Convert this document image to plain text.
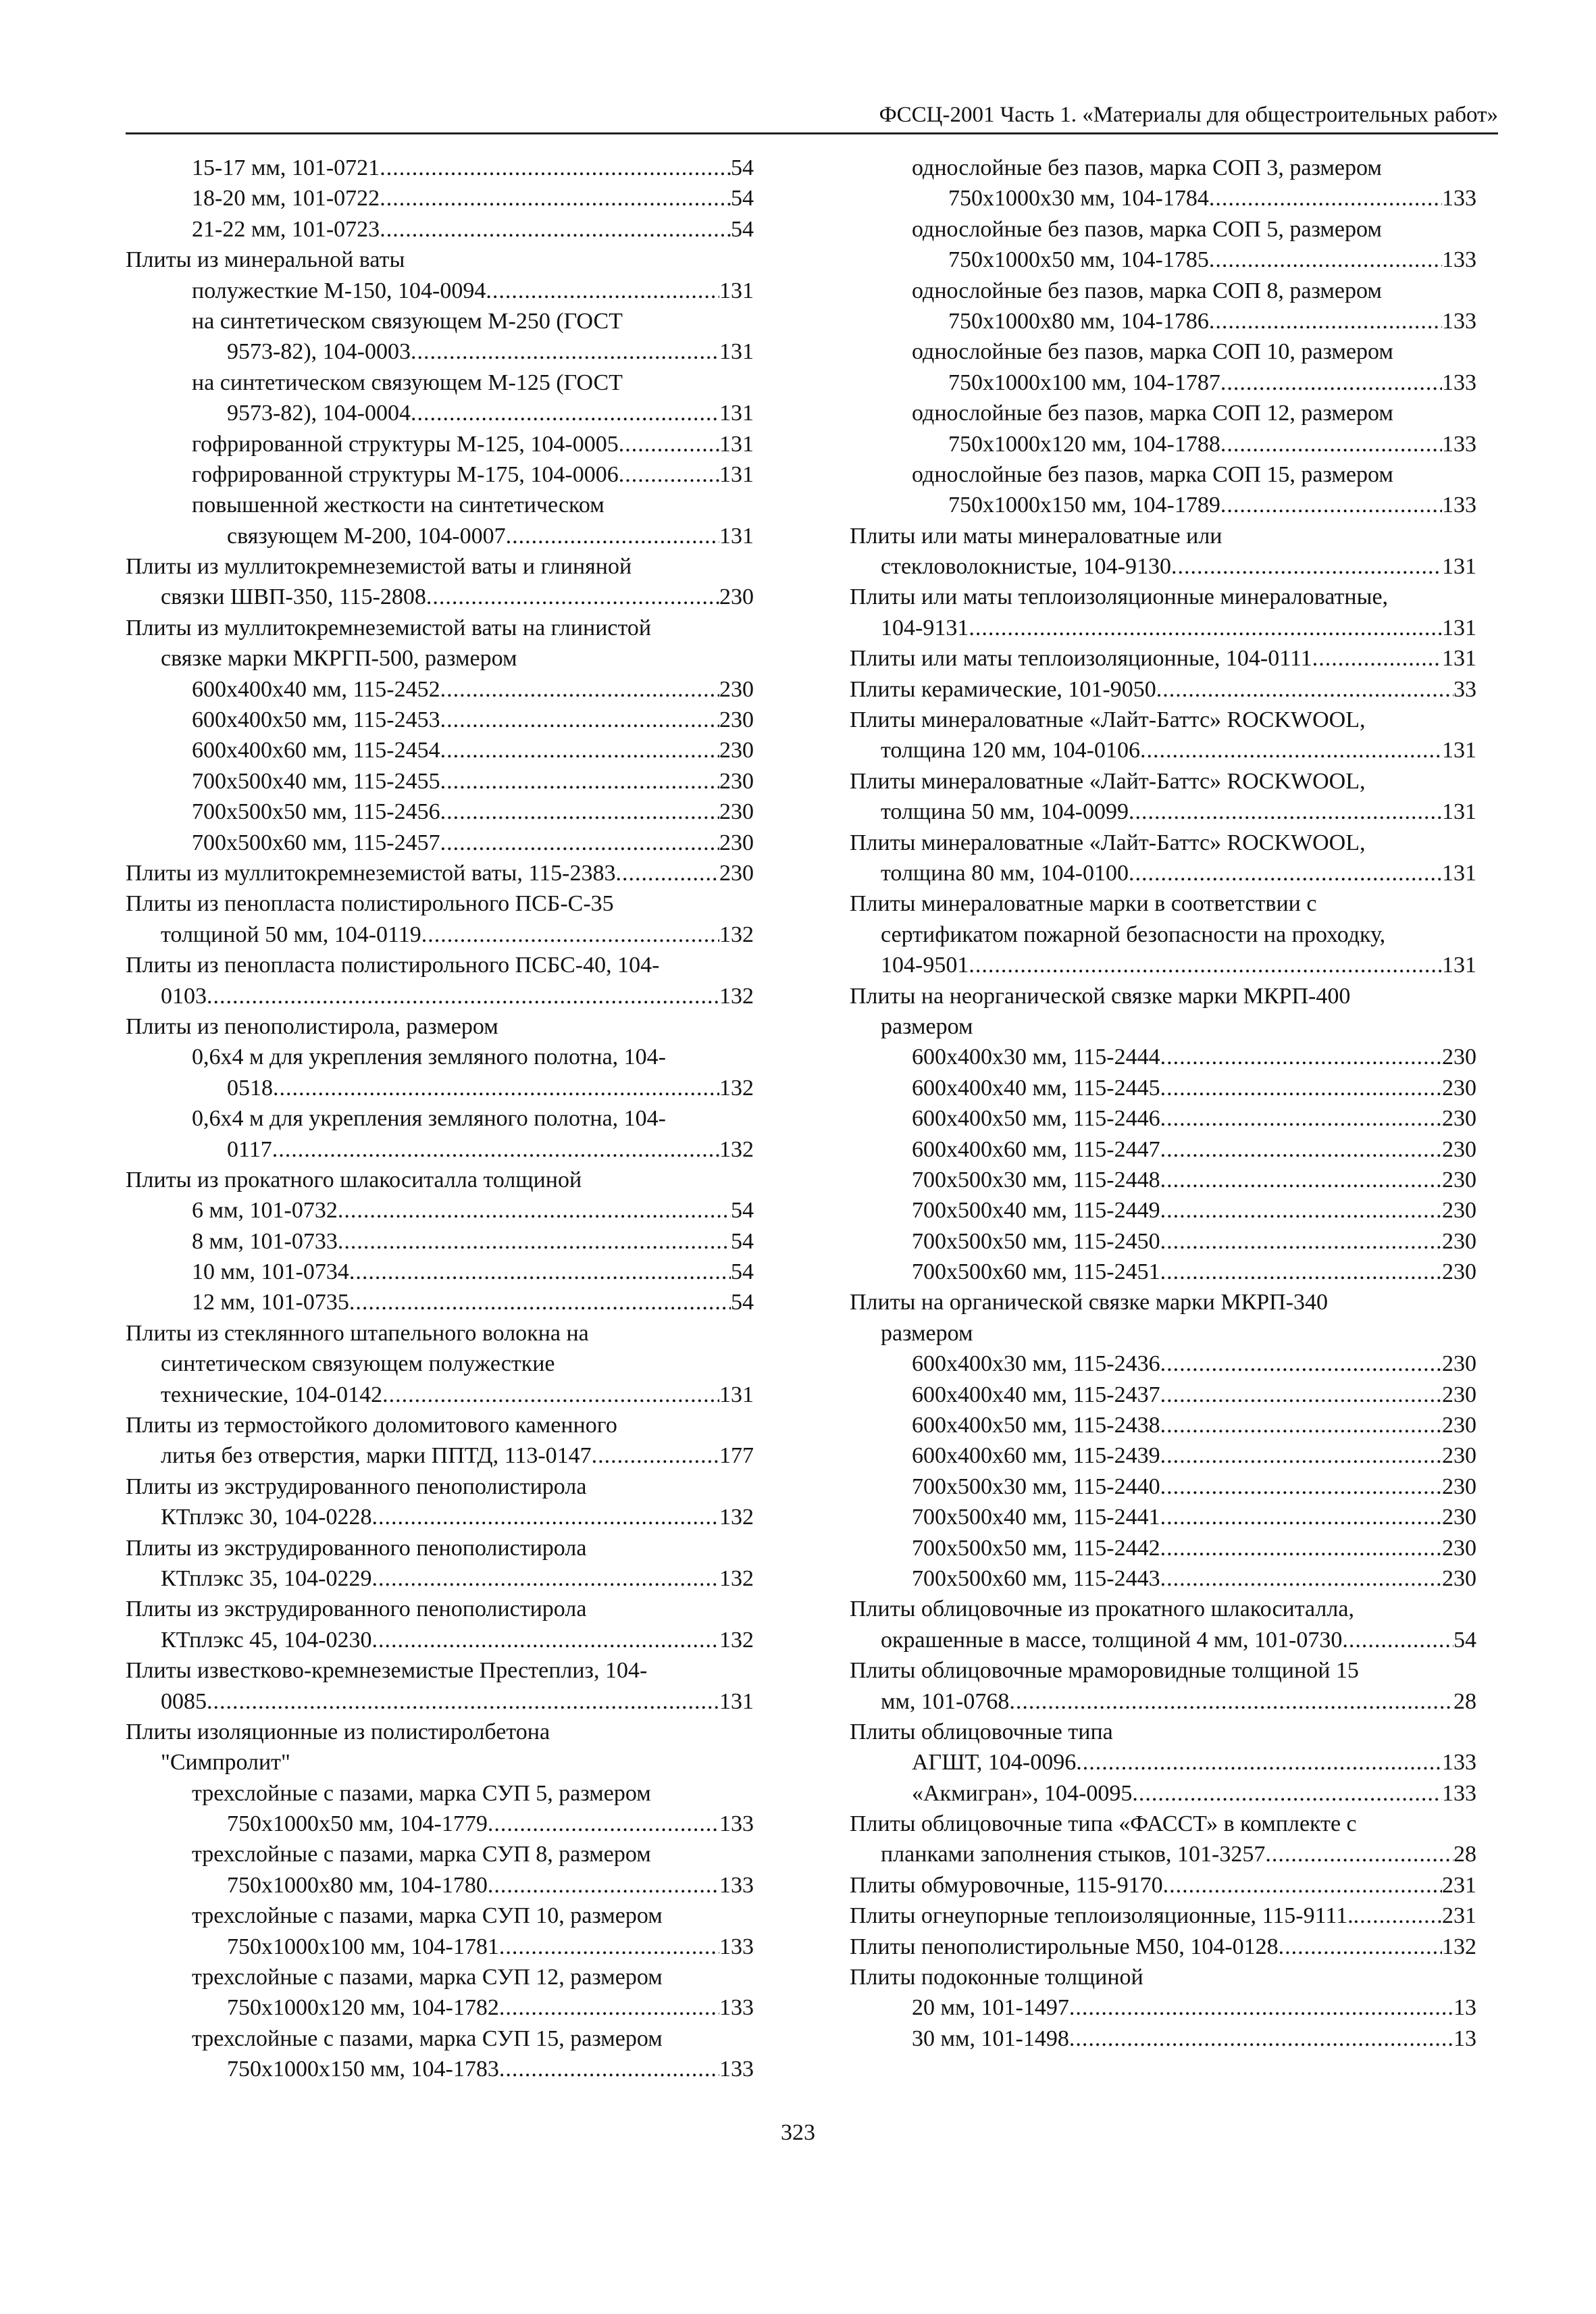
ФССЦ-2001 Часть 1. «Материалы для общестроительных работ»
15-17 мм, 101-0721 .....	54
18-20 мм, 101-0722 .....	54
21-22 мм, 101-0723 .....	54
Плиты из минеральной ваты
полужесткие М-150, 104-0094 .....	131
на синтетическом связующем М-250 (ГОСТ
9573-82), 104-0003 .....	131
на синтетическом связующем М-125 (ГОСТ
9573-82), 104-0004 .....	131
гофрированной структуры М-125, 104-0005 .....	131
гофрированной структуры М-175, 104-0006 .....	131
повышенной жесткости на синтетическом
связующем М-200, 104-0007 .....	131
Плиты из муллитокремнеземистой ваты и глиняной
связки ШВП-350, 115-2808 .....	230
Плиты из муллитокремнеземистой ваты на глинистой
связке марки МКРГП-500, размером
600x400x40 мм, 115-2452 .....	230
600x400x50 мм, 115-2453 .....	230
600x400x60 мм, 115-2454 .....	230
700x500x40 мм, 115-2455 .....	230
700x500x50 мм, 115-2456 .....	230
700x500x60 мм, 115-2457 .....	230
Плиты из муллитокремнеземистой ваты, 115-2383 .....	230
Плиты из пенопласта полистирольного ПСБ-С-35
толщиной 50 мм, 104-0119 .....	132
Плиты из пенопласта полистирольного ПСБС-40, 104-
0103 .....	132
Плиты из пенополистирола, размером
0,6x4 м для укрепления земляного полотна, 104-
0518 .....	132
0,6x4 м для укрепления земляного полотна, 104-
0117 .....	132
Плиты из прокатного шлакоситалла толщиной
6 мм, 101-0732 .....	54
8 мм, 101-0733 .....	54
10 мм, 101-0734 .....	54
12 мм, 101-0735 .....	54
Плиты из стеклянного штапельного волокна на
синтетическом связующем полужесткие
технические, 104-0142 .....	131
Плиты из термостойкого доломитового каменного
литья без отверстия, марки ППТД, 113-0147 .....	177
Плиты из экструдированного пенополистирола
КТплэкс 30, 104-0228 .....	132
Плиты из экструдированного пенополистирола
КТплэкс 35, 104-0229 .....	132
Плиты из экструдированного пенополистирола
КТплэкс 45, 104-0230 .....	132
Плиты известково-кремнеземистые Престеплиз, 104-
0085 .....	131
Плиты изоляционные из полистиролбетона
"Симпролит"
трехслойные с пазами, марка СУП 5, размером
750x1000x50 мм, 104-1779 .....	133
трехслойные с пазами, марка СУП 8, размером
750x1000x80 мм, 104-1780 .....	133
трехслойные с пазами, марка СУП 10, размером
750x1000x100 мм, 104-1781 .....	133
трехслойные с пазами, марка СУП 12, размером
750x1000x120 мм, 104-1782 .....	133
трехслойные с пазами, марка СУП 15, размером
750x1000x150 мм, 104-1783 .....	133
однослойные без пазов, марка СОП 3, размером
750x1000x30 мм, 104-1784 .....	133
однослойные без пазов, марка СОП 5, размером
750x1000x50 мм, 104-1785 .....	133
однослойные без пазов, марка СОП 8, размером
750x1000x80 мм, 104-1786 .....	133
однослойные без пазов, марка СОП 10, размером
750x1000x100 мм, 104-1787 .....	133
однослойные без пазов, марка СОП 12, размером
750x1000x120 мм, 104-1788 .....	133
однослойные без пазов, марка СОП 15, размером
750x1000x150 мм, 104-1789 .....	133
Плиты или маты минераловатные или
стекловолокнистые, 104-9130 .....	131
Плиты или маты теплоизоляционные минераловатные,
104-9131 .....	131
Плиты или маты теплоизоляционные, 104-0111 .....	131
Плиты керамические, 101-9050 .....	33
Плиты минераловатные «Лайт-Баттс» ROCKWOOL,
толщина 120 мм, 104-0106 .....	131
Плиты минераловатные «Лайт-Баттс» ROCKWOOL,
толщина 50 мм, 104-0099 .....	131
Плиты минераловатные «Лайт-Баттс» ROCKWOOL,
толщина 80 мм, 104-0100 .....	131
Плиты минераловатные марки в соответствии с
сертификатом пожарной безопасности на проходку,
104-9501 .....	131
Плиты на неорганической связке марки МКРП-400
размером
600x400x30 мм, 115-2444 .....	230
600x400x40 мм, 115-2445 .....	230
600x400x50 мм, 115-2446 .....	230
600x400x60 мм, 115-2447 .....	230
700x500x30 мм, 115-2448 .....	230
700x500x40 мм, 115-2449 .....	230
700x500x50 мм, 115-2450 .....	230
700x500x60 мм, 115-2451 .....	230
Плиты на органической связке марки МКРП-340
размером
600x400x30 мм, 115-2436 .....	230
600x400x40 мм, 115-2437 .....	230
600x400x50 мм, 115-2438 .....	230
600x400x60 мм, 115-2439 .....	230
700x500x30 мм, 115-2440 .....	230
700x500x40 мм, 115-2441 .....	230
700x500x50 мм, 115-2442 .....	230
700x500x60 мм, 115-2443 .....	230
Плиты облицовочные из прокатного шлакоситалла,
окрашенные в массе, толщиной 4 мм, 101-0730 .....	54
Плиты облицовочные мрамoровидные толщиной 15
мм, 101-0768 .....	28
Плиты облицовочные типа
АГШТ, 104-0096 .....	133
«Акмигран», 104-0095 .....	133
Плиты облицовочные типа «ФАССТ» в комплекте с
планками заполнения стыков, 101-3257 .....	28
Плиты обмуровочные, 115-9170 .....	231
Плиты огнеупорные теплоизоляционные, 115-9111. .....	231
Плиты пенополистирольные М50, 104-0128 .....	132
Плиты подоконные толщиной
20 мм, 101-1497 .....	13
30 мм, 101-1498 .....	13
323
